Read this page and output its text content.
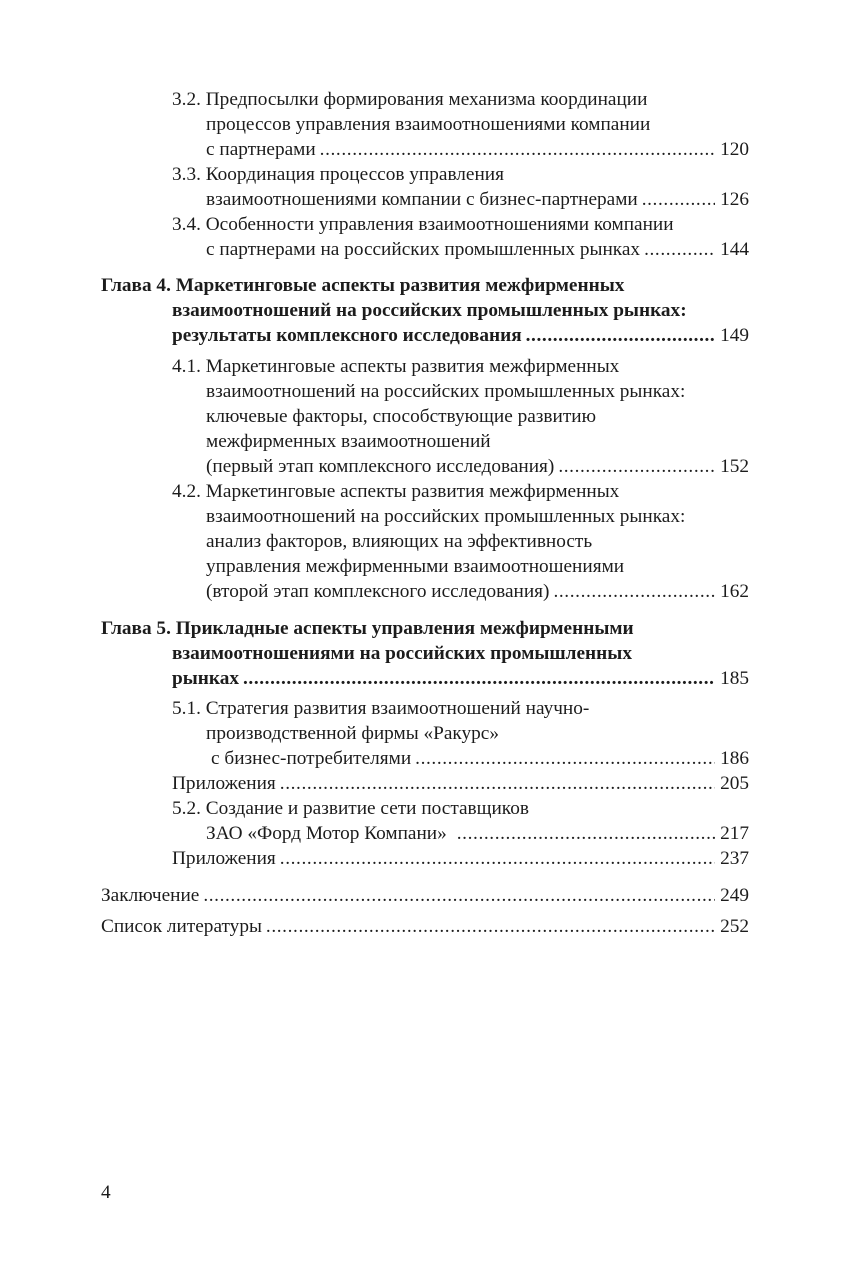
3.2. Предпосылки формирования механизма координации
процессов управления взаимоотношениями компании
с партнерами .....	120
3.3. Координация процессов управления
взаимоотношениями компании с бизнес-партнерами .....	126
3.4. Особенности управления взаимоотношениями компании
с партнерами на российских промышленных рынках .....	144
Глава 4. Маркетинговые аспекты развития межфирменных
взаимоотношений на российских промышленных рынках:
результаты комплексного исследования .....	149
4.1. Маркетинговые аспекты развития межфирменных
взаимоотношений на российских промышленных рынках:
ключевые факторы, способствующие развитию
межфирменных взаимоотношений
(первый этап комплексного исследования) .....	152
4.2. Маркетинговые аспекты развития межфирменных
взаимоотношений на российских промышленных рынках:
анализ факторов, влияющих на эффективность
управления межфирменными взаимоотношениями
(второй этап комплексного исследования) .....	162
Глава 5. Прикладные аспекты управления межфирменными
взаимоотношениями на российских промышленных
рынках .....	185
5.1. Стратегия развития взаимоотношений научно-
производственной фирмы «Ракурс»
с бизнес-потребителями .....	186
Приложения .....	205
5.2. Создание и развитие сети поставщиков
ЗАО «Форд Мотор Компани» .....	217
Приложения .....	237
Заключение .....	249
Список литературы .....	252
4
